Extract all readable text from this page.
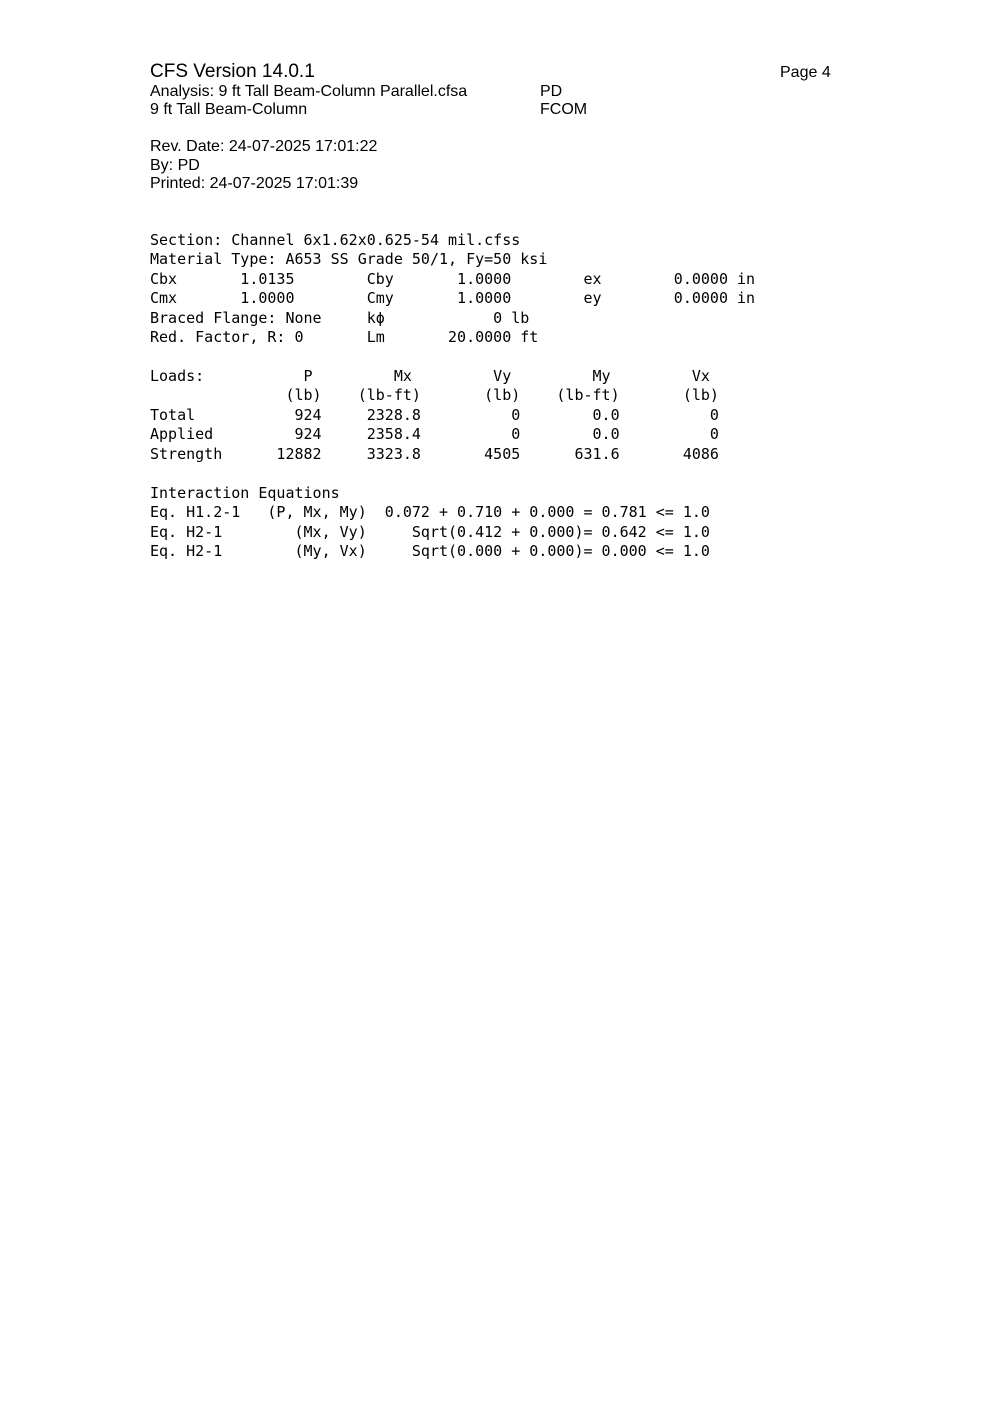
CFS Version 14.0.1	Page 4
Analysis: 9 ft Tall Beam-Column Parallel.cfsa	PD
9 ft Tall Beam-Column	FCOM
Rev. Date: 24-07-2025 17:01:22
By: PD
Printed: 24-07-2025 17:01:39

Section: Channel 6x1.62x0.625-54 mil.cfss
Material Type: A653 SS Grade 50/1, Fy=50 ksi
Cbx       1.0135        Cby       1.0000        ex        0.0000 in
Cmx       1.0000        Cmy       1.0000        ey        0.0000 in
Braced Flange: None     kϕ            0 lb
Red. Factor, R: 0       Lm       20.0000 ft

Loads:           P         Mx         Vy         My         Vx
(lb)    (lb-ft)       (lb)    (lb-ft)       (lb)
Total           924     2328.8          0        0.0          0
Applied         924     2358.4          0        0.0          0
Strength      12882     3323.8       4505      631.6       4086

Interaction Equations
Eq. H1.2-1   (P, Mx, My)  0.072 + 0.710 + 0.000 = 0.781 <= 1.0
Eq. H2-1        (Mx, Vy)     Sqrt(0.412 + 0.000)= 0.642 <= 1.0
Eq. H2-1        (My, Vx)     Sqrt(0.000 + 0.000)= 0.000 <= 1.0
